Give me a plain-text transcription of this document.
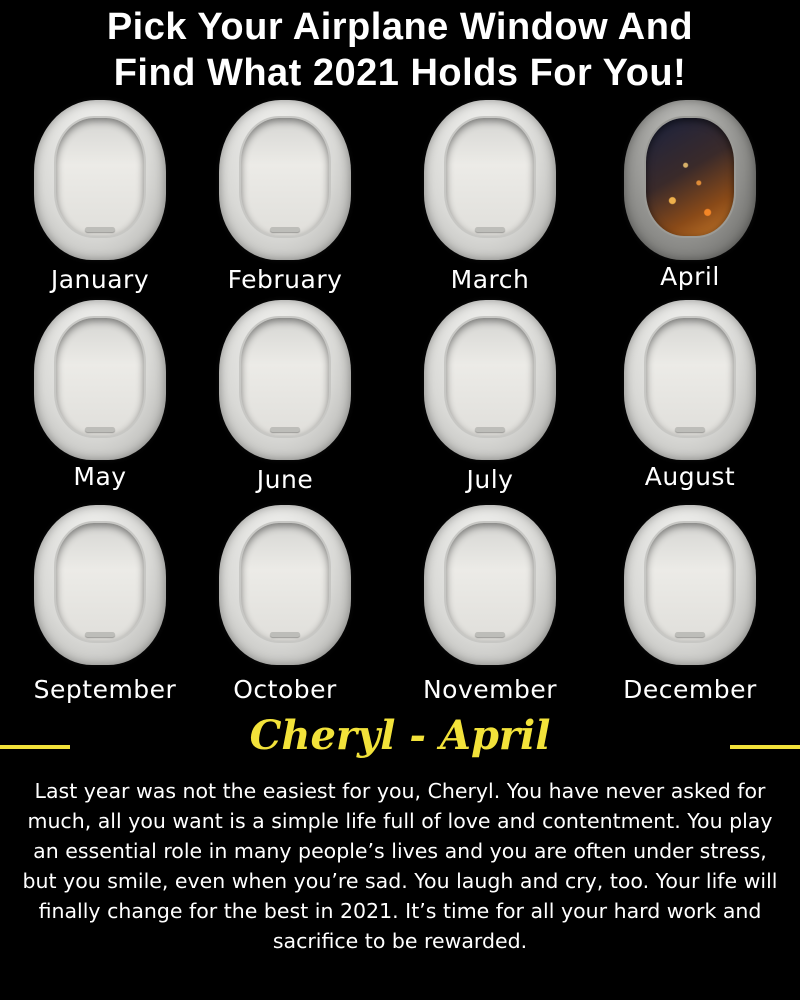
Pick Your Airplane Window And
Find What 2021 Holds For You!
January	February	March	April
May	June	July	August
September	October	November	December
Cheryl - April
Last year was not the easiest for you, Cheryl. You have never asked for much, all you want is a simple life full of love and contentment. You play an essential role in many people’s lives and you are often under stress, but you smile, even when you’re sad. You laugh and cry, too. Your life will finally change for the best in 2021. It’s time for all your hard work and sacrifice to be rewarded.
